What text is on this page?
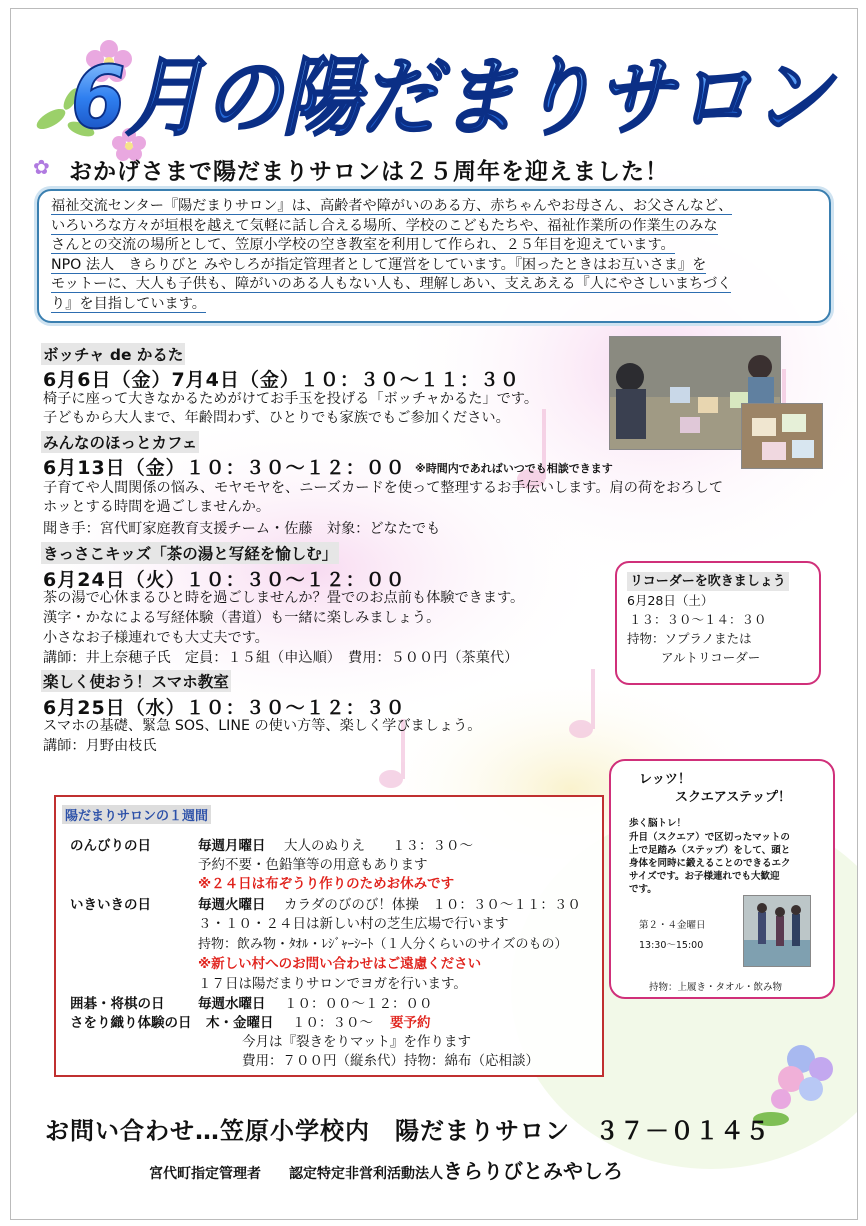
6月の陽だまりサロン
✿ おかげさまで陽だまりサロンは２５周年を迎えました！

福祉交流センター『陽だまりサロン』は、高齢者や障がいのある方、赤ちゃんやお母さん、お父さんなど、

いろいろな方々が垣根を越えて気軽に話し合える場所、学校のこどもたちや、福祉作業所の作業生のみな

さんとの交流の場所として、笠原小学校の空き教室を利用して作られ、２５年目を迎えています。

NPO 法人　きらりびと みやしろが指定管理者として運営をしています。『困ったときはお互いさま』を

モットーに、大人も子供も、障がいのある人もない人も、理解しあい、支えあえる『人にやさしいまちづく

り』を目指しています。

ボッチャ de かるた
6月6日（金）7月4日（金）１０：３０～１１：３０
椅子に座って大きなかるためがけてお手玉を投げる「ボッチャかるた」です。
子どもから大人まで、年齢問わず、ひとりでも家族でもご参加ください。
みんなのほっとカフェ
6月13日（金）１０：３０～１２：００ ※時間内であればいつでも相談できます
子育てや人間関係の悩み、モヤモヤを、ニーズカードを使って整理するお手伝いします。肩の荷をおろして
ホッとする時間を過ごしませんか。
聞き手：宮代町家庭教育支援チーム・佐藤　対象：どなたでも
きっさこキッズ「茶の湯と写経を愉しむ」
6月24日（火）１０：３０～１２：００
茶の湯で心休まるひと時を過ごしませんか？畳でのお点前も体験できます。
漢字・かなによる写経体験（書道）も一緒に楽しみましょう。
小さなお子様連れでも大丈夫です。
講師：井上奈穂子氏　定員：１５組（申込順）　費用：５００円（茶菓代）
楽しく使おう！スマホ教室
6月25日（水）１０：３０～１２：３０
スマホの基礎、緊急 SOS、LINE の使い方等、楽しく学びましょう。
講師：月野由枝氏
リコーダーを吹きましょう
6月28日（土）
１３：３０～１４：３０
持物：ソプラノまたは
アルトリコーダー
レッツ！
スクエアステップ！
歩く脳トレ！
升目（スクエア）で区切ったマットの
上で足踏み（ステップ）をして、頭と
身体を同時に鍛えることのできるエク
サイズです。お子様連れでも大歓迎
です。
第２・４金曜日
13:30～15:00
持物：上履き・タオル・飲み物
陽だまりサロンの１週間
のんびりの日	毎週月曜日 大人のぬりえ　　１３：３０～
予約不要・色鉛筆等の用意もあります
※２４日は布ぞうり作りのためお休みです
いきいきの日	毎週火曜日 カラダのびのび！体操　１０：３０～１１：３０
３・１０・２４日は新しい村の芝生広場で行います
持物：飲み物・ﾀｵﾙ・ﾚｼﾞｬｰｼｰﾄ（１人分くらいのサイズのもの）
※新しい村へのお問い合わせはご遠慮ください
１７日は陽だまりサロンでヨガを行います。
囲碁・将棋の日 毎週水曜日 １０：００～１２：００
さをり織り体験の日 木・金曜日 １０：３０～ 要予約
今月は『裂きをりマット』を作ります
費用：７００円（縦糸代）持物：綿布（応相談）
お問い合わせ…笠原小学校内　陽だまりサロン　３７－０１４５
宮代町指定管理者　　認定特定非営利活動法人きらりびとみやしろ
